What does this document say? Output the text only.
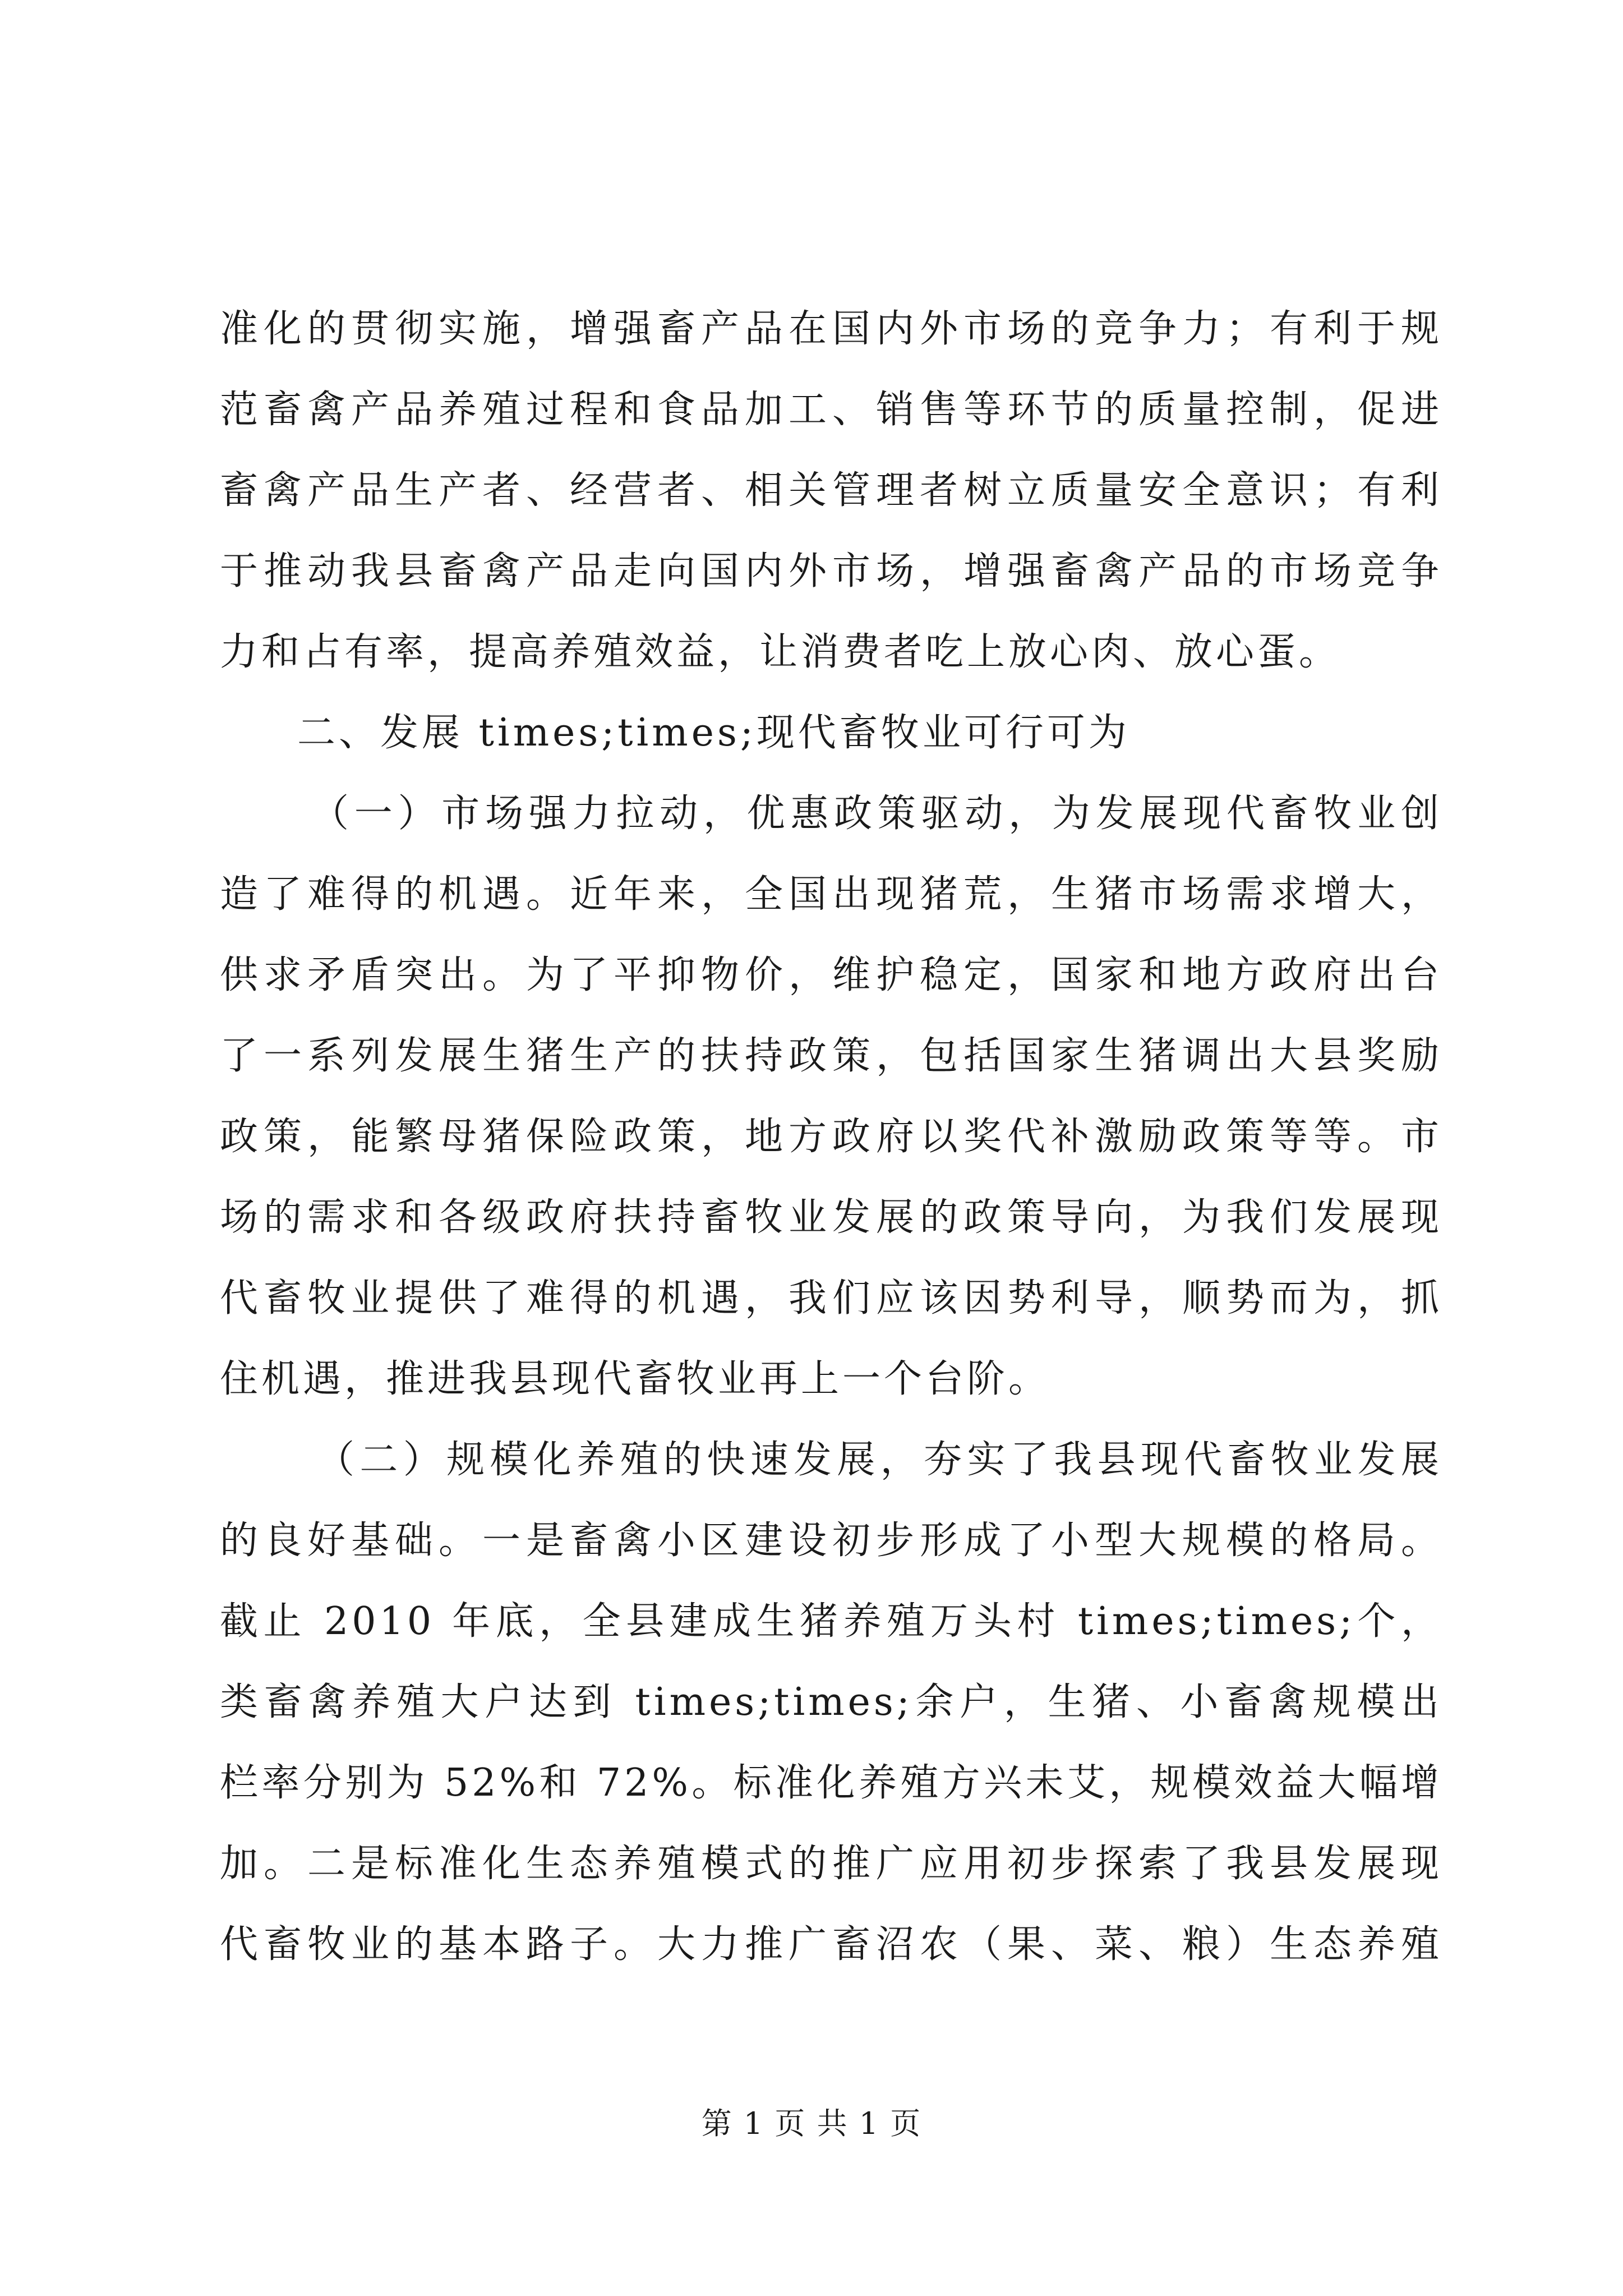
准化的贯彻实施，增强畜产品在国内外市场的竞争力；有利于规
范畜禽产品养殖过程和食品加工、销售等环节的质量控制，促进
畜禽产品生产者、经营者、相关管理者树立质量安全意识；有利
于推动我县畜禽产品走向国内外市场，增强畜禽产品的市场竞争
力和占有率，提高养殖效益，让消费者吃上放心肉、放心蛋。
二、发展 times;times;现代畜牧业可行可为
（一）市场强力拉动，优惠政策驱动，为发展现代畜牧业创
造了难得的机遇。近年来，全国出现猪荒，生猪市场需求增大，
供求矛盾突出。为了平抑物价，维护稳定，国家和地方政府出台
了一系列发展生猪生产的扶持政策，包括国家生猪调出大县奖励
政策，能繁母猪保险政策，地方政府以奖代补激励政策等等。市
场的需求和各级政府扶持畜牧业发展的政策导向，为我们发展现
代畜牧业提供了难得的机遇，我们应该因势利导，顺势而为，抓
住机遇，推进我县现代畜牧业再上一个台阶。
（二）规模化养殖的快速发展，夯实了我县现代畜牧业发展
的良好基础。一是畜禽小区建设初步形成了小型大规模的格局。
截止 2010 年底，全县建成生猪养殖万头村 times;times;个，
类畜禽养殖大户达到 times;times;余户，生猪、小畜禽规模出
栏率分别为 52%和 72%。标准化养殖方兴未艾，规模效益大幅增
加。二是标准化生态养殖模式的推广应用初步探索了我县发展现
代畜牧业的基本路子。大力推广畜沼农（果、菜、粮）生态养殖
第 1 页 共 1 页
